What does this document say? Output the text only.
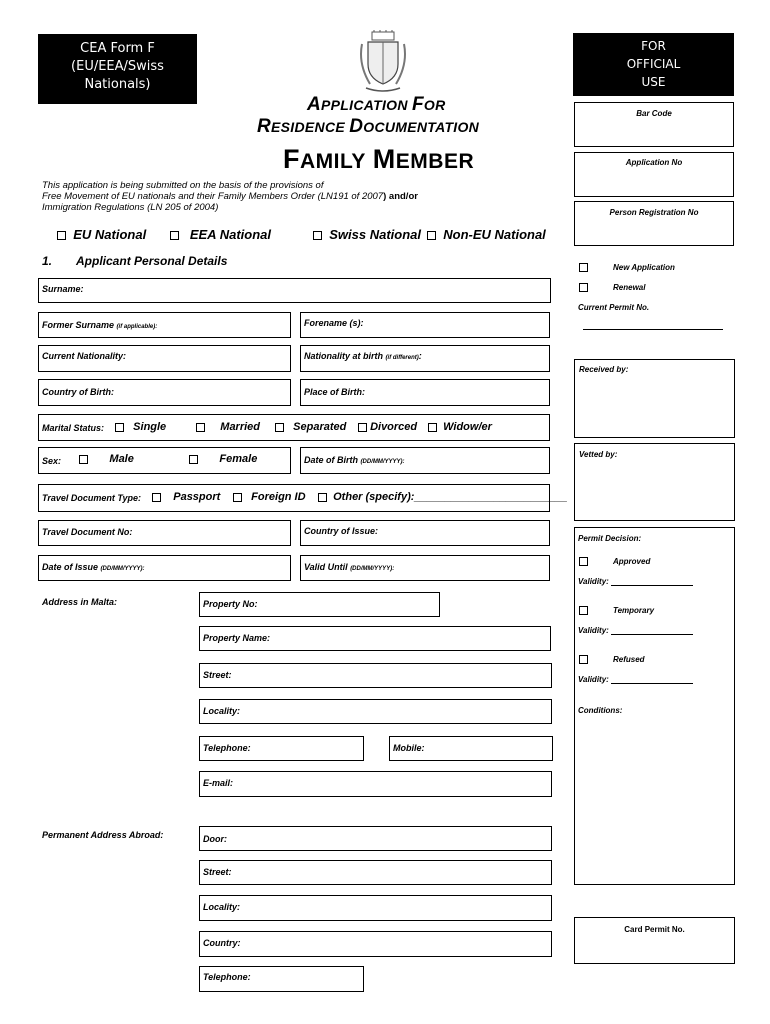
CEA Form F
(EU/EEA/Swiss
Nationals)
APPLICATION FOR
RESIDENCE DOCUMENTATION
FAMILY MEMBER
This application is being submitted on the basis of the provisions of
Free Movement of EU nationals and their Family Members Order (LN191 of 2007) and/or
Immigration Regulations (LN 205 of 2004)
EU National	EEA National	Swiss National	Non-EU National
1. Applicant Personal Details
Surname:
Former Surname (if applicable):	Forename (s):
Current Nationality:	Nationality at birth (if different):
Country of Birth:	Place of Birth:
Marital Status:	Single	Married	Separated	Divorced	Widow/er
Sex:	Male	Female	Date of Birth (DD/MM/YYYY):
Travel Document Type:	Passport	Foreign ID	Other (specify):_________________________
Travel Document No:	Country of Issue:
Date of Issue (DD/MM/YYYY):	Valid Until (DD/MM/YYYY):
Address in Malta:	Property No:
Property Name:
Street:
Locality:
Telephone:	Mobile:
E-mail:
Permanent Address Abroad:	Door:
Street:
Locality:
Country:
Telephone:
FOR
OFFICIAL
USE
Bar Code
Application No
Person Registration No
New Application
Renewal
Current Permit No.
Received by:
Vetted by:
Permit Decision:
Approved
Validity:
Temporary
Validity:
Refused
Validity:
Conditions:
Card Permit No.
